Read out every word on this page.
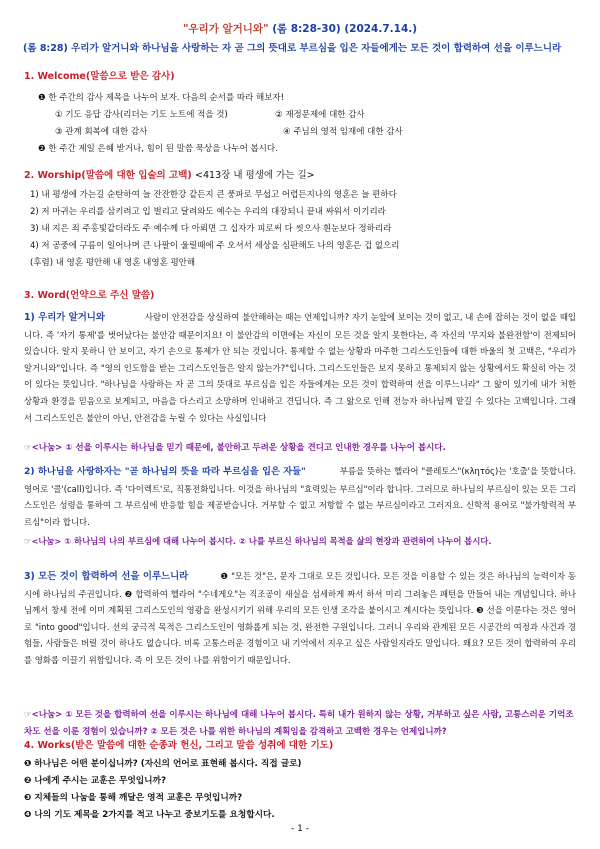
"우리가 알거니와" (롬 8:28-30) (2024.7.14.)
(롬 8:28) 우리가 알거니와 하나님을 사랑하는 자 곧 그의 뜻대로 부르심을 입은 자들에게는 모든 것이 합력하여 선을 이루느니라
1. Welcome(말씀으로 받은 감사)
❶ 한 주간의 감사 제목을 나누어 보자. 다음의 순서를 따라 해보자!
① 기도 응답 감사(리더는 기도 노트에 적을 것)	② 재정문제에 대한 감사
③ 관계 회복에 대한 감사	④ 주님의 영적 임재에 대한 감사
❷ 한 주간 제일 은혜 받거나, 힘이 된 말씀 묵상을 나누어 봅시다.
2. Worship(말씀에 대한 입술의 고백) <413장 내 평생에 가는 길>
1) 내 평생에 가는길 순탄하여 늘 잔잔한강 같든지 큰 풍파로 무섭고 어렵든지나의 영혼은 늘 편하다
2) 저 마귀는 우리를 삼키려고 입 벌리고 달려와도 예수는 우리의 대장되니 끝내 싸워서 이기리라
3) 내 지은 죄 주홍빛같더라도 주 예수께 다 아뢰면 그 십자가 피로써 다 씻으사 흰눈보다 정하리라
4) 저 공중에 구름이 일어나며 큰 나팔이 울릴때에 주 오셔서 세상을 심판해도 나의 영혼은 겁 없으리
(후렴) 내 영혼 평안해 내 영혼 내영혼 평안해
3. Word(언약으로 주신 말씀)
1) 우리가 알거니와	사람이 안전감을 상실하여 불안해하는 때는 언제입니까? 자기 눈앞에 보이는 것이 없고, 내 손에 잡히는 것이 없을 때입니다. 즉 '자기 통제'를 벗어났다는 불안감 때문이지요! 이 불안감의 이면에는 자신이 모든 것을 알지 못한다는, 즉 자신의 '무지와 불완전함'이 전제되어 있습니다. 알지 못하니 안 보이고, 자기 손으로 통제가 안 되는 것입니다. 통제할 수 없는 상황과 마주한 그리스도인들에 대한 바울의 첫 고백은, "우리가 알거니와"입니다. 즉 "영의 인도함을 받는 그리스도인들은 알지 않는가?"입니다. 그리스도인들은 보지 못하고 통제되지 않는 상황에서도 확실히 아는 것이 있다는 뜻입니다. "하나님을 사랑하는 자 곧 그의 뜻대로 부르심을 입은 자들에게는 모든 것이 합력하여 선을 이루느니라" 그 앎이 있기에 내가 처한 상황과 환경을 믿음으로 보게되고, 마음을 다스리고 소망하며 인내하고 견딥니다. 즉 그 앎으로 인해 전능자 하나님께 맡길 수 있다는 고백입니다. 그래서 그리스도인은 불안이 아닌, 안전감을 누릴 수 있다는 사실입니다
☞<나눔> ① 선을 이루시는 하나님을 믿기 때문에, 불안하고 두려운 상황을 견디고 인내한 경우를 나누어 봅시다.
2) 하나님을 사랑하자는 "곧 하나님의 뜻을 따라 부르심을 입은 자들"	부름을 뜻하는 헬라어 "클레토스"(κλητός)는 '호출'을 뜻합니다. 영어로 '콜'(call)입니다. 즉 '다이렉트'로, 직통전화입니다. 이것을 하나님의 "효력있는 부르심"이라 합니다. 그러므로 하나님의 부르심이 있는 모든 그리스도인은 성령을 통하여 그 부르심에 반응할 힘을 제공받습니다. 거부할 수 없고 저항할 수 없는 부르심이라고 그러지요. 신학적 용어로 "불가항력적 부르심"이라 합니다.
☞<나눔> ① 하나님의 나의 부르심에 대해 나누어 봅시다. ② 나를 부르신 하나님의 목적을 삶의 현장과 관련하여 나누어 봅시다.
3) 모든 것이 합력하여 선을 이루느니라	❶ "모든 것"은, 문자 그대로 모든 것입니다. 모든 것을 이용할 수 있는 것은 하나님의 능력이자 동시에 하나님의 주권입니다. ❷ 합력하여 헬라어 "수네게오"는 직조공이 새실을 섬세하게 짜서 하셔 미리 그려놓은 패턴을 만들어 내는 개념입니다. 하나님께서 창세 전에 이미 계획된 그리스도인의 영광을 완성시키기 위해 우리의 모든 인생 조각을 붙이시고 계시다는 뜻입니다. ❸ 선을 이룬다는 것은 영어로 "into good"입니다. 선의 궁극적 목적은 그리스도인이 영화롭게 되는 것, 완전한 구원입니다. 그러니 우리와 관계된 모든 시공간의 여정과 사건과 경험들, 사람들은 버릴 것이 하나도 없습니다. 비록 고통스러운 경험이고 내 기억에서 지우고 싶은 사람일지라도 말입니다. 왜요? 모든 것이 합력하여 우리를 영화롭 이끌기 위함입니다. 즉 이 모든 것이 나를 위함이기 때문입니다.
☞<나눔> ① 모든 것을 합력하여 선을 이루시는 하나님에 대해 나누어 봅시다. 특히 내가 원하지 않는 상황, 거부하고 싶은 사람, 고통스러운 기억조차도 선을 이룬 경험이 있습니까? ② 모든 것은 나를 위한 하나님의 계획임을 감격하고 고백한 경우는 언제입니까?
4. Works(받은 말씀에 대한 순종과 헌신, 그리고 말씀 성취에 대한 기도)
❶ 하나님은 어떤 분이십니까? (자신의 언어로 표현해 봅시다. 직접 글로)
❷ 나에게 주시는 교훈은 무엇입니까?
❸ 지체들의 나눔을 통해 깨달은 영적 교훈은 무엇입니까?
❹ 나의 기도 제목을 2가지를 적고 나누고 중보기도를 요청합시다.
- 1 -
